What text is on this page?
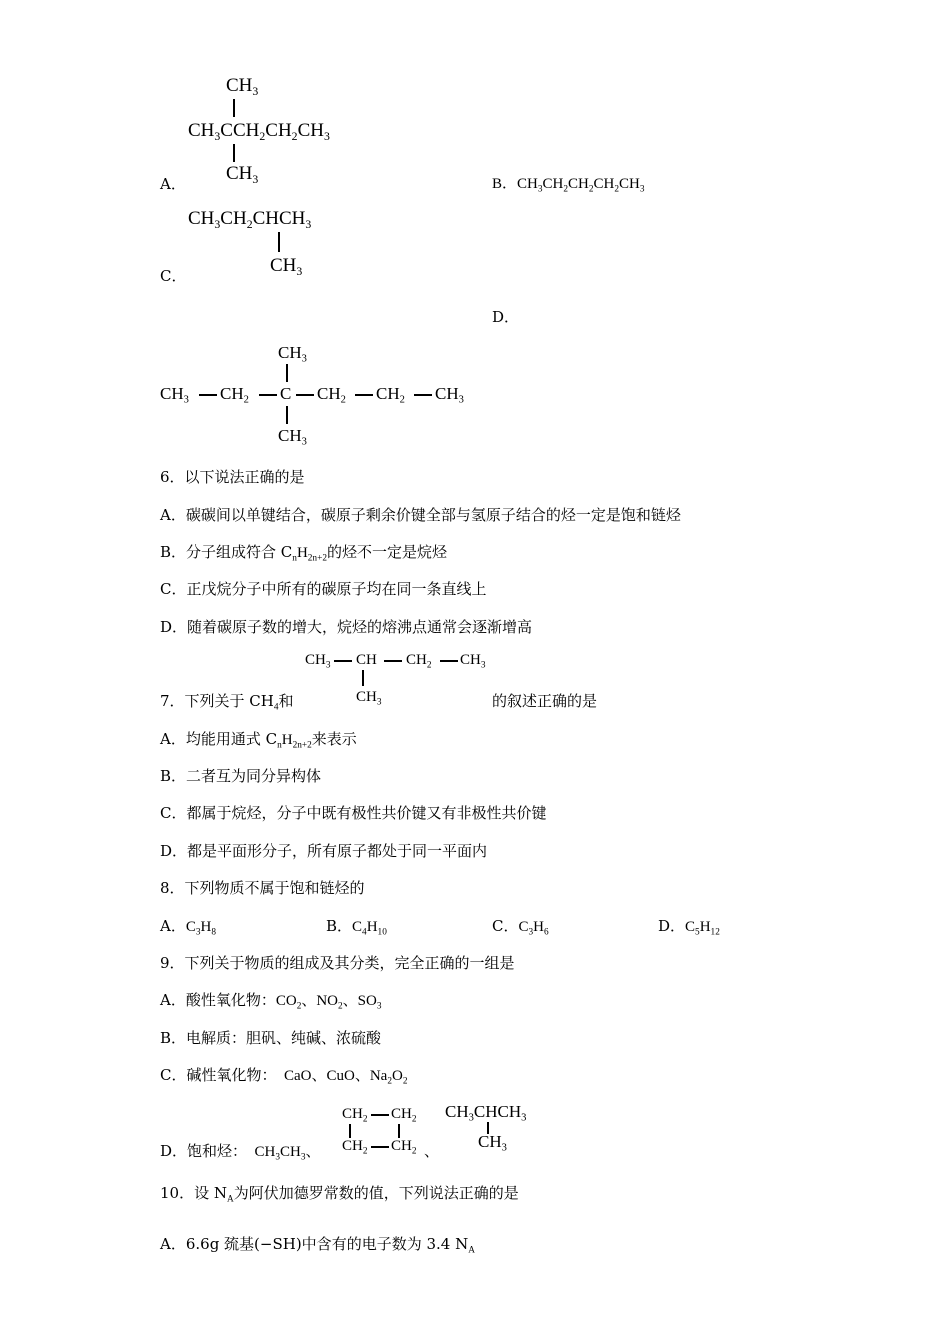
$CH_3$
$CH_3CCH_2CH_2CH_3$
A． $CH_3$	B．$CH_3CH_2CH_2CH_2CH_3$
$CH_3CH_2CHCH_3$
$CH_3$
C．
D．
$CH_3$
$CH_3$ $CH_2$ C $CH_2$ $CH_2$ $CH_3$
$CH_3$
6．以下说法正确的是
A．碳碳间以单键结合，碳原子剩余价键全部与氢原子结合的烃一定是饱和链烃
B．分子组成符合 $C_nH_{2n+2}$的烃不一定是烷烃
C．正戊烷分子中所有的碳原子均在同一条直线上
D．随着碳原子数的增大，烷烃的熔沸点通常会逐渐增高
$CH_3$ CH $CH_2$ $CH_3$
7．下列关于 $CH_4$和	$CH_3$	的叙述正确的是
A．均能用通式 $C_nH_{2n+2}$来表示
B．二者互为同分异构体
C．都属于烷烃，分子中既有极性共价键又有非极性共价键
D．都是平面形分子，所有原子都处于同一平面内
8．下列物质不属于饱和链烃的
A．$C_3H_8$	B．$C_4H_{10}$	C．$C_3H_6$	D．$C_5H_{12}$
9．下列关于物质的组成及其分类，完全正确的一组是
A．酸性氧化物：$CO_2$、$NO_2$、$SO_3$
B．电解质：胆矾、纯碱、浓硫酸
C．碱性氧化物：  CaO、CuO、$Na_2O_2$
$CH_2$ $CH_2$
$CH_2$ $CH_2$
$CH_3CHCH_3$
$CH_3$
D．饱和烃：  $CH_3CH_3$、	、
10．设 $N_A$为阿伏加德罗常数的值，下列说法正确的是
A．6.6g 巯基(−SH)中含有的电子数为 3.4 $N_A$
